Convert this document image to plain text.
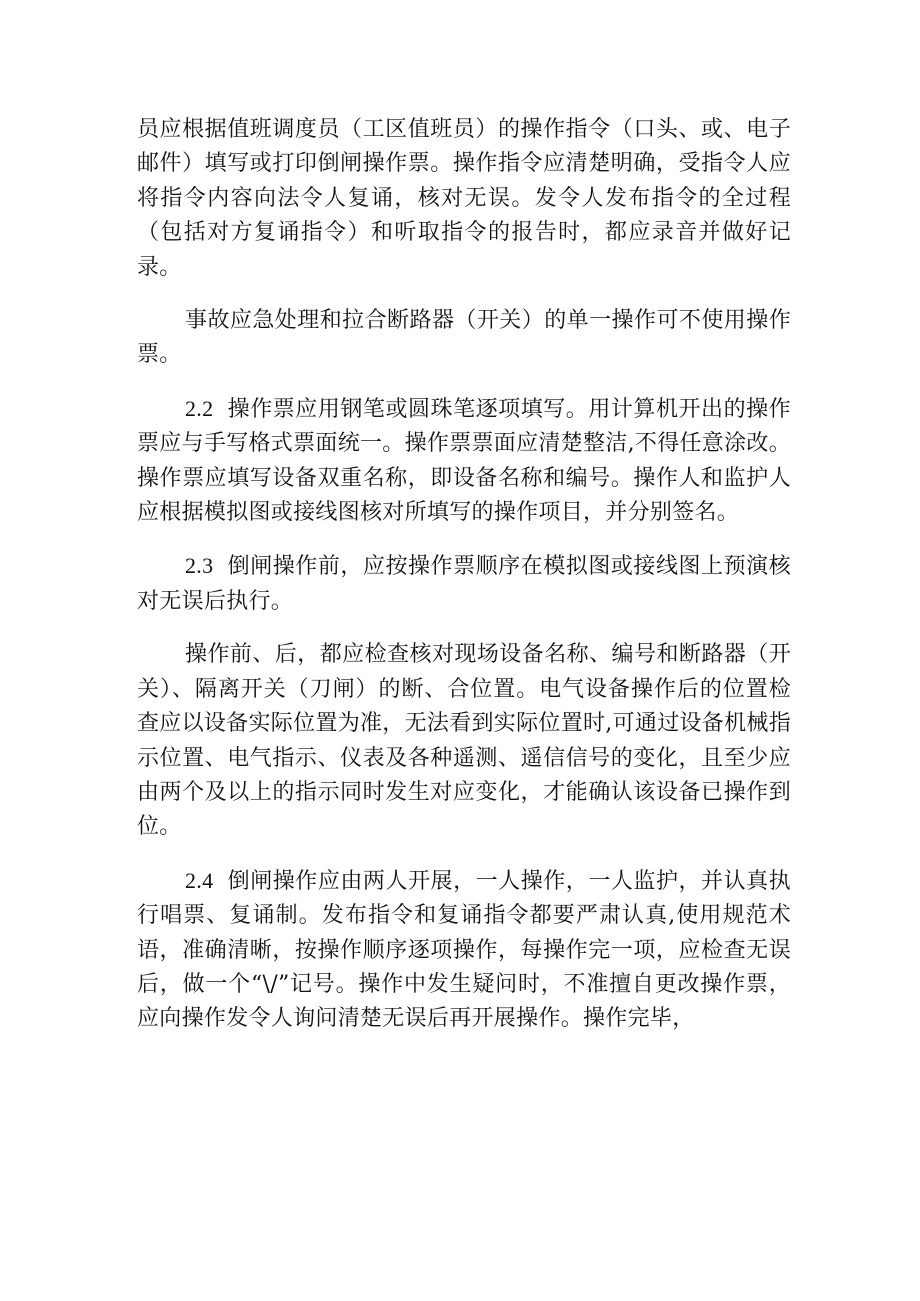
员应根据值班调度员（工区值班员）的操作指令（口头、或、电子邮件）填写或打印倒闸操作票。操作指令应清楚明确，受指令人应将指令内容向法令人复诵，核对无误。发令人发布指令的全过程（包括对方复诵指令）和听取指令的报告时，都应录音并做好记录。

事故应急处理和拉合断路器（开关）的单一操作可不使用操作票。

2.2 操作票应用钢笔或圆珠笔逐项填写。用计算机开出的操作票应与手写格式票面统一。操作票票面应清楚整洁,不得任意涂改。操作票应填写设备双重名称，即设备名称和编号。操作人和监护人应根据模拟图或接线图核对所填写的操作项目，并分别签名。

2.3 倒闸操作前，应按操作票顺序在模拟图或接线图上预演核对无误后执行。

操作前、后，都应检查核对现场设备名称、编号和断路器（开关）、隔离开关（刀闸）的断、合位置。电气设备操作后的位置检查应以设备实际位置为准，无法看到实际位置时,可通过设备机械指示位置、电气指示、仪表及各种遥测、遥信信号的变化，且至少应由两个及以上的指示同时发生对应变化，才能确认该设备已操作到位。

2.4 倒闸操作应由两人开展，一人操作，一人监护，并认真执行唱票、复诵制。发布指令和复诵指令都要严肃认真,使用规范术语，准确清晰，按操作顺序逐项操作，每操作完一项，应检查无误后，做一个“\/”记号。操作中发生疑问时，不准擅自更改操作票，应向操作发令人询问清楚无误后再开展操作。操作完毕，
